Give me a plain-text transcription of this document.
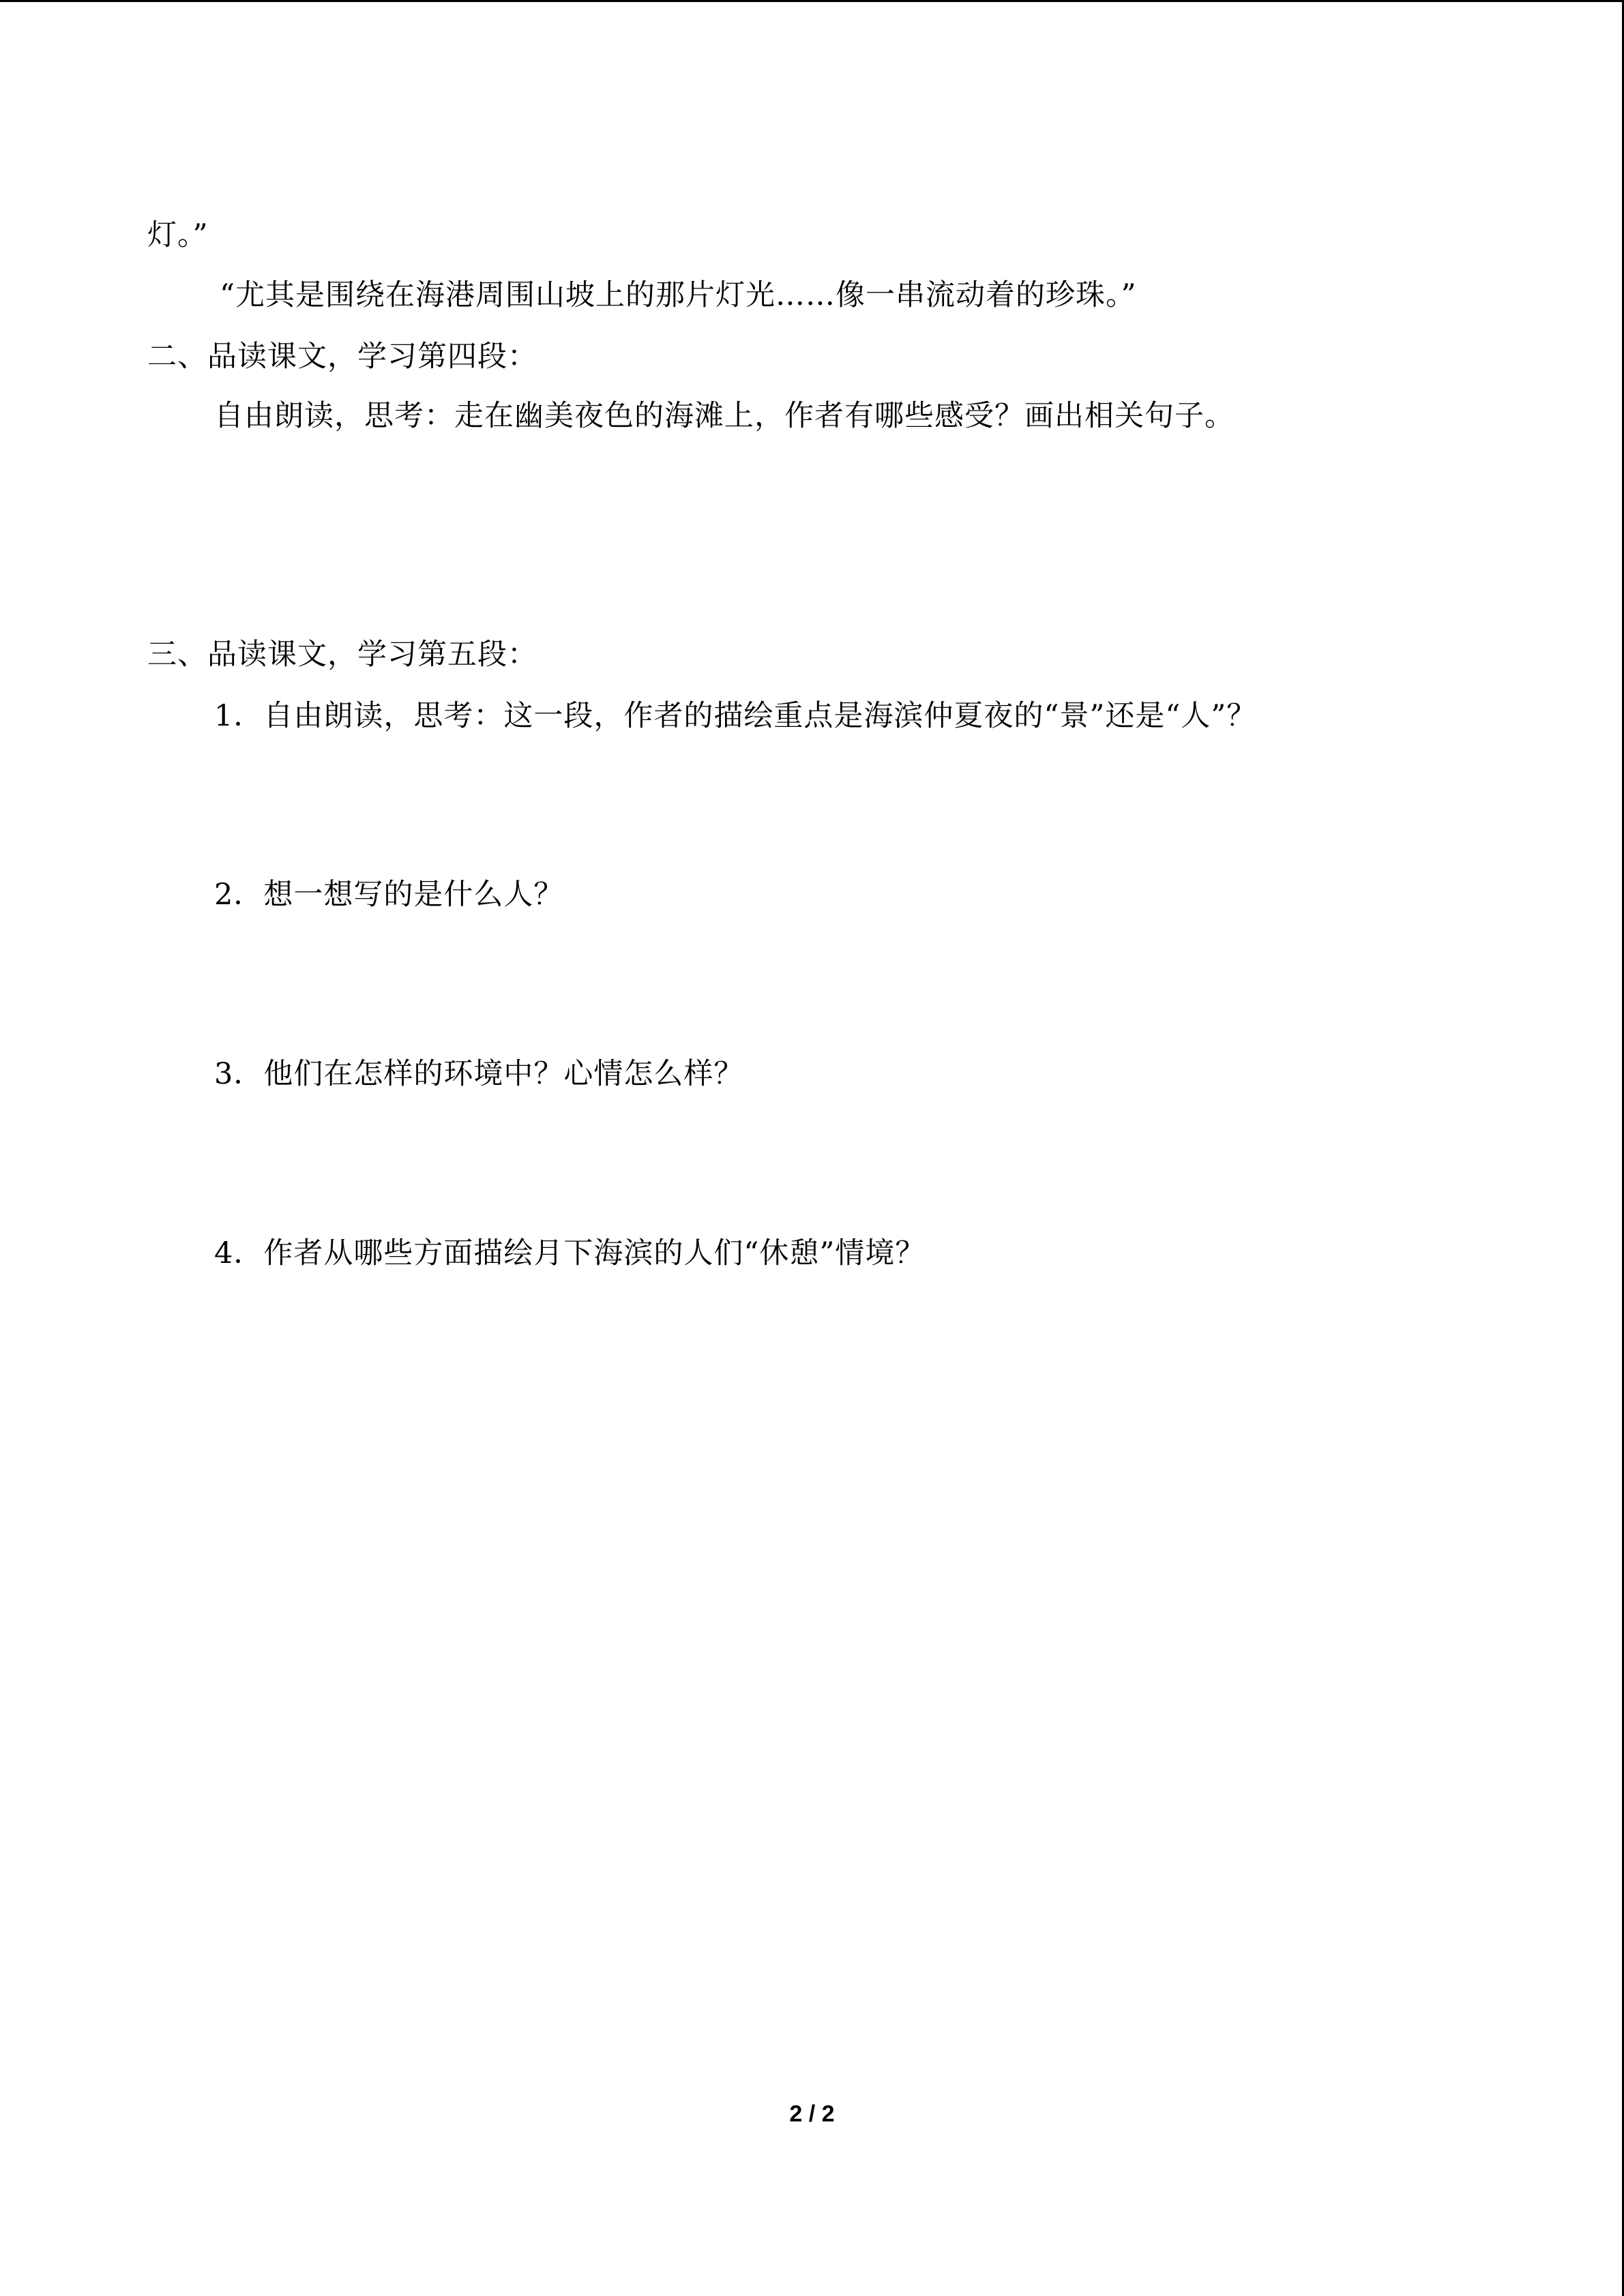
灯。”
“尤其是围绕在海港周围山坡上的那片灯光……像一串流动着的珍珠。”
二、品读课文，学习第四段：
自由朗读，思考：走在幽美夜色的海滩上，作者有哪些感受？画出相关句子。
三、品读课文，学习第五段：
1．自由朗读，思考：这一段，作者的描绘重点是海滨仲夏夜的“景”还是“人”？
2．想一想写的是什么人？
3．他们在怎样的环境中？心情怎么样？
4．作者从哪些方面描绘月下海滨的人们“休憩”情境？
2 / 2
